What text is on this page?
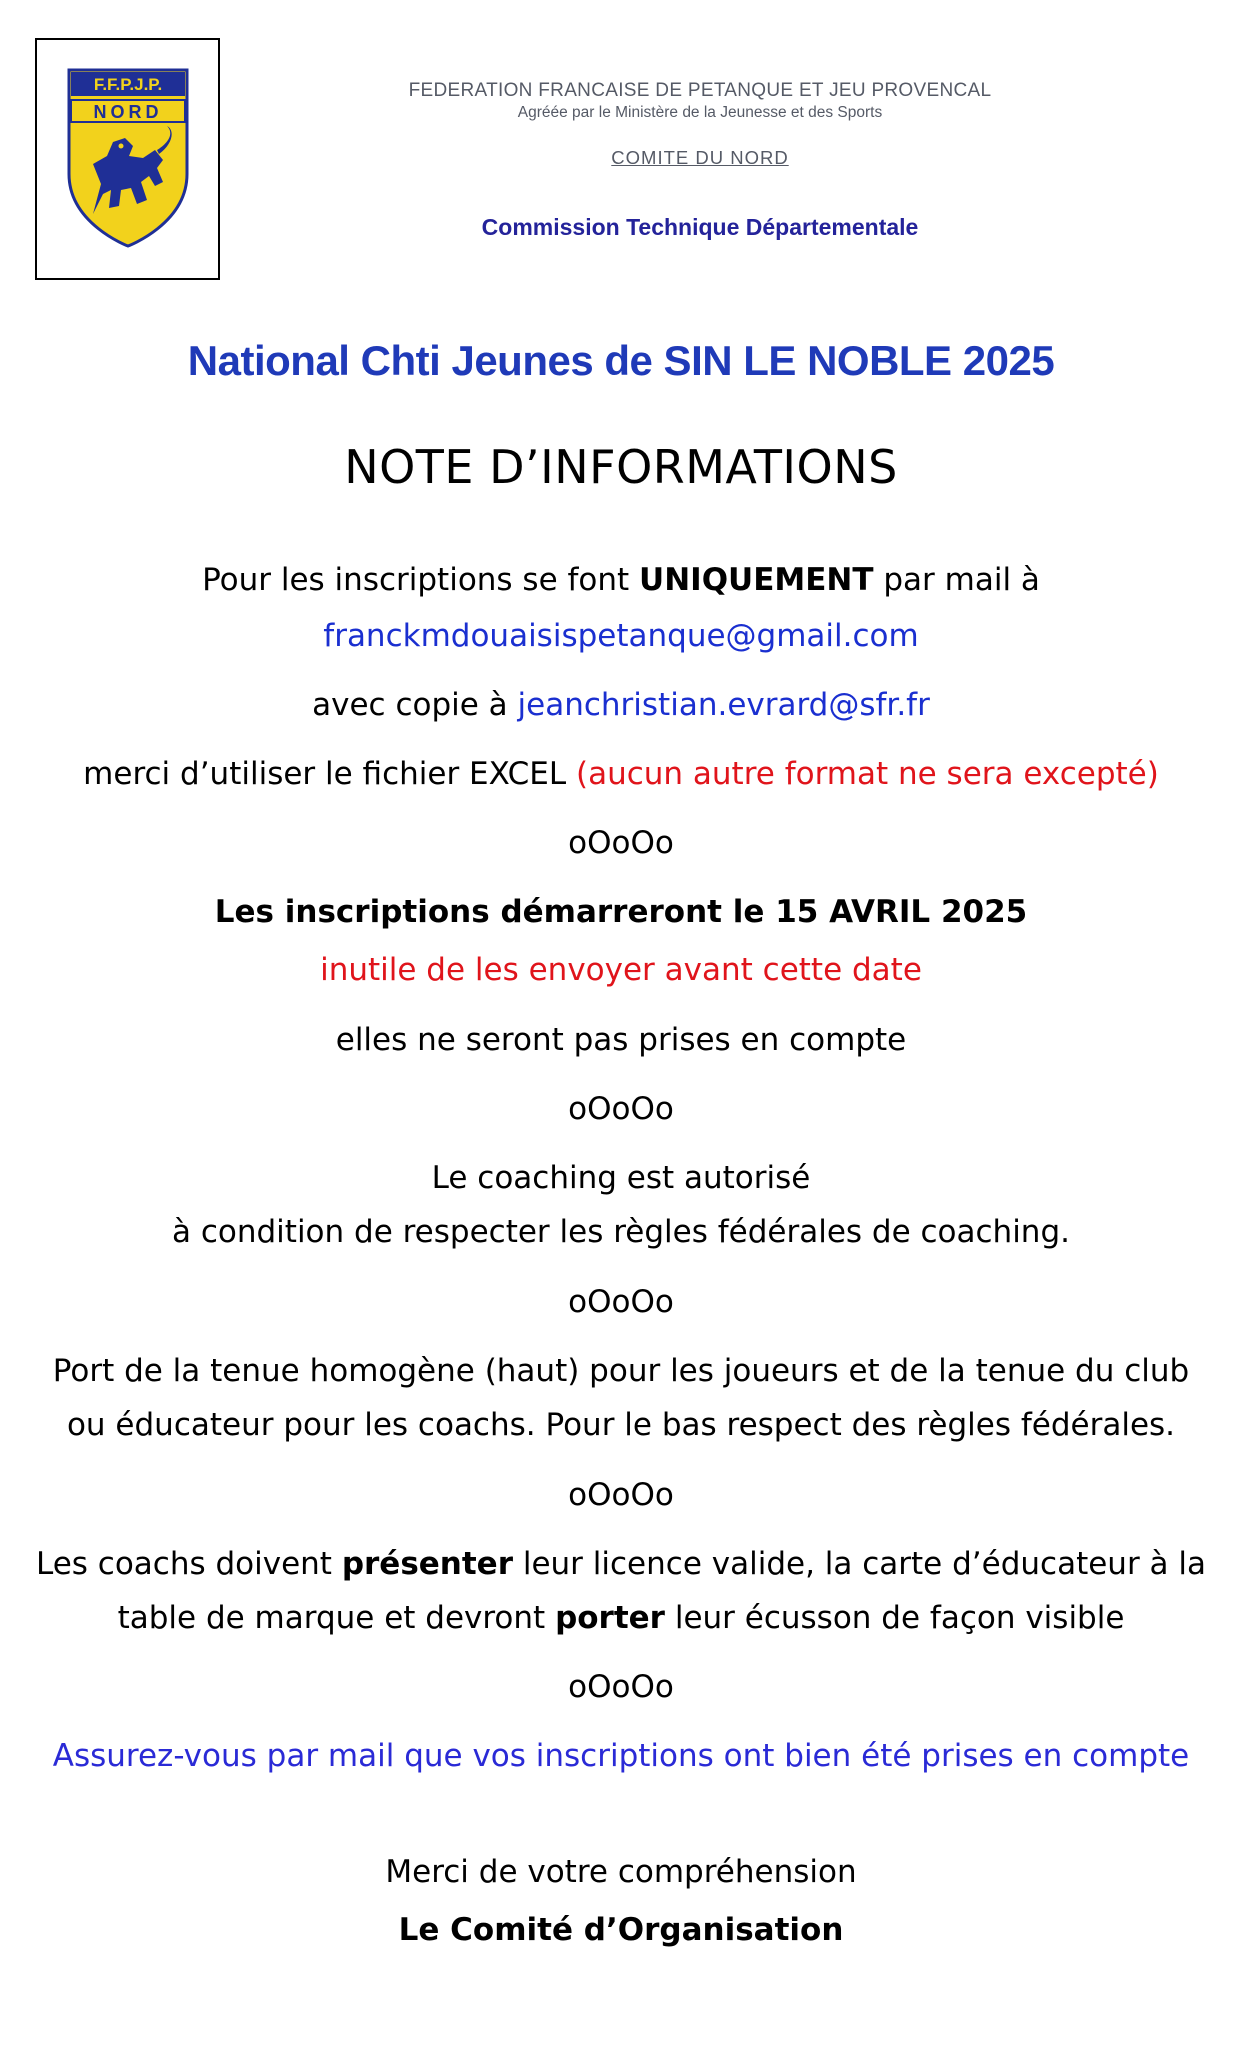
F.F.P.J.P.
NORD
FEDERATION FRANCAISE DE PETANQUE ET JEU PROVENCAL
Agréée par le Ministère de la Jeunesse et des Sports
COMITE DU NORD
Commission Technique Départementale

National Chti Jeunes de SIN LE NOBLE 2025

NOTE D’INFORMATIONS

Pour les inscriptions se font UNIQUEMENT par mail à

franckmdouaisispetanque@gmail.com

avec copie à jeanchristian.evrard@sfr.fr

merci d’utiliser le fichier EXCEL (aucun autre format ne sera excepté)

oOoOo

Les inscriptions démarreront le 15 AVRIL 2025

inutile de les envoyer avant cette date

elles ne seront pas prises en compte

oOoOo

Le coaching est autorisé

à condition de respecter les règles fédérales de coaching.

oOoOo

Port de la tenue homogène (haut) pour les joueurs et de la tenue du club

ou éducateur pour les coachs. Pour le bas respect des règles fédérales.

oOoOo

Les coachs doivent présenter leur licence valide, la carte d’éducateur à la

table de marque et devront porter leur écusson de façon visible

oOoOo

Assurez-vous par mail que vos inscriptions ont bien été prises en compte

Merci de votre compréhension

Le Comité d’Organisation
